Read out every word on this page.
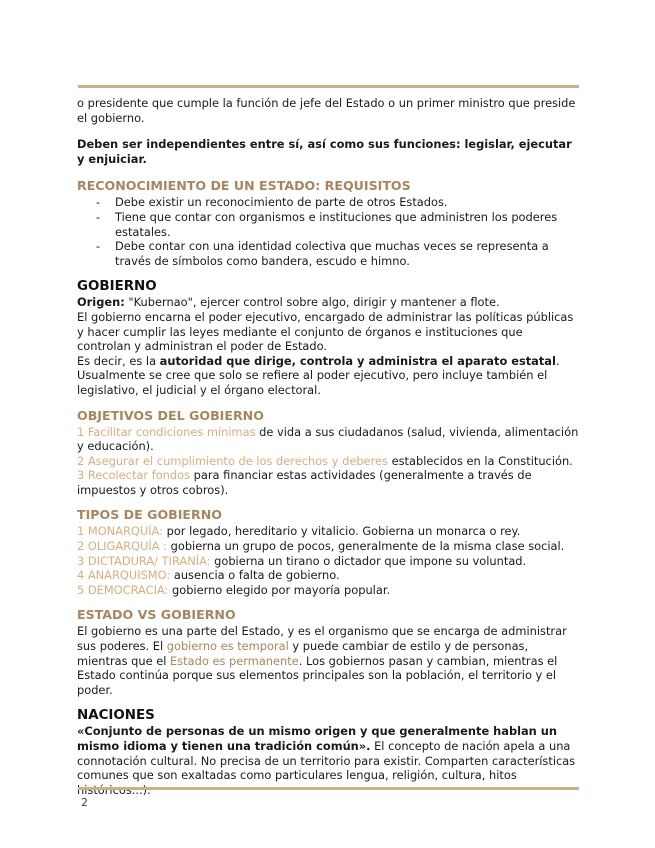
o presidente que cumple la función de jefe del Estado o un primer ministro que preside el gobierno.

Deben ser independientes entre sí, así como sus funciones: legislar, ejecutar y enjuiciar.

RECONOCIMIENTO DE UN ESTADO: REQUISITOS
- Debe existir un reconocimiento de parte de otros Estados.
- Tiene que contar con organismos e instituciones que administren los poderes estatales.
- Debe contar con una identidad colectiva que muchas veces se representa a través de símbolos como bandera, escudo e himno.
GOBIERNO

Origen: "Kubernao", ejercer control sobre algo, dirigir y mantener a flote.

El gobierno encarna el poder ejecutivo, encargado de administrar las políticas públicas y hacer cumplir las leyes mediante el conjunto de órganos e instituciones que controlan y administran el poder de Estado.

Es decir, es la autoridad que dirige, controla y administra el aparato estatal.

Usualmente se cree que solo se refiere al poder ejecutivo, pero incluye también el legislativo, el judicial y el órgano electoral.

OBJETIVOS DEL GOBIERNO

1 Facilitar condiciones mínimas de vida a sus ciudadanos (salud, vivienda, alimentación y educación).

2 Asegurar el cumplimiento de los derechos y deberes establecidos en la Constitución.

3 Recolectar fondos para financiar estas actividades (generalmente a través de impuestos y otros cobros).

TIPOS DE GOBIERNO

1 MONARQUÍA: por legado, hereditario y vitalicio. Gobierna un monarca o rey.

2 OLIGARQUÍA : gobierna un grupo de pocos, generalmente de la misma clase social.

3 DICTADURA/ TIRANÍA: gobierna un tirano o dictador que impone su voluntad.

4 ANARQUISMO: ausencia o falta de gobierno.

5 DEMOCRACIA: gobierno elegido por mayoría popular.

ESTADO VS GOBIERNO

El gobierno es una parte del Estado, y es el organismo que se encarga de administrar sus poderes. El gobierno es temporal y puede cambiar de estilo y de personas, mientras que el Estado es permanente. Los gobiernos pasan y cambian, mientras el Estado continúa porque sus elementos principales son la población, el territorio y el poder.

NACIONES

«Conjunto de personas de un mismo origen y que generalmente hablan un mismo idioma y tienen una tradición común». El concepto de nación apela a una connotación cultural. No precisa de un territorio para existir. Comparten características comunes que son exaltadas como particulares lengua, religión, cultura, hitos

2
